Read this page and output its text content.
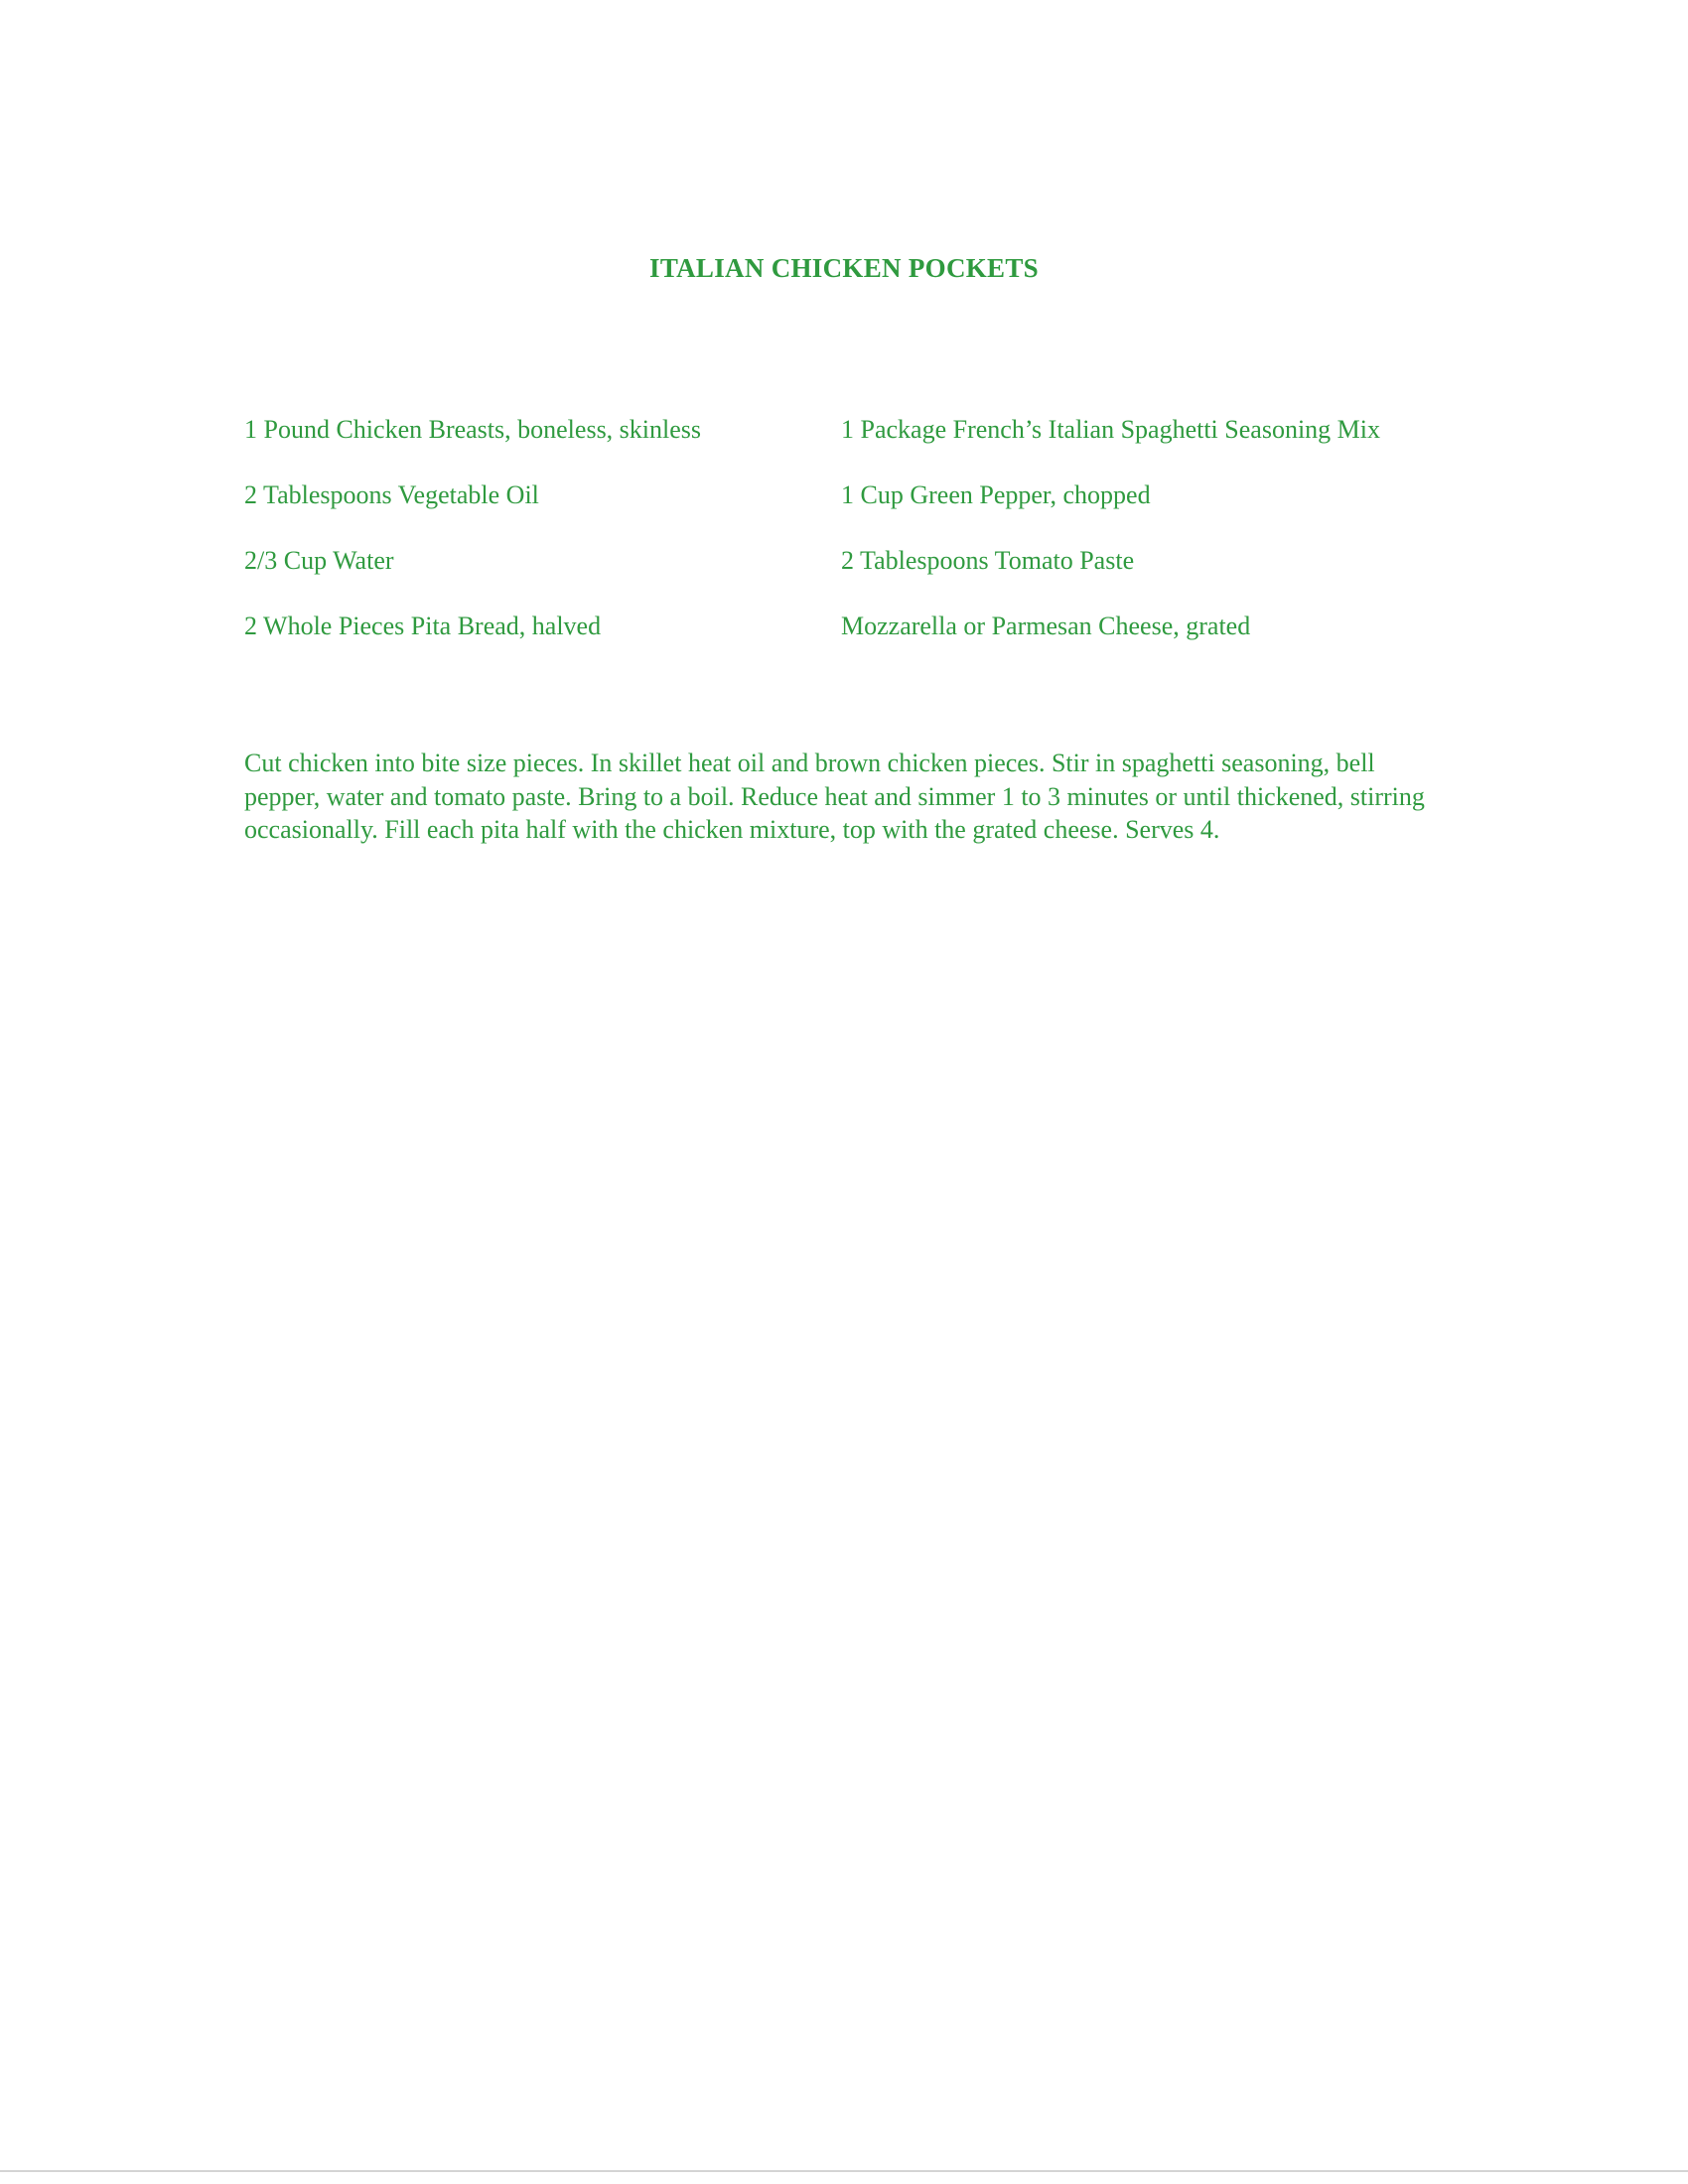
ITALIAN CHICKEN POCKETS
1 Pound Chicken Breasts, boneless, skinless
2 Tablespoons Vegetable Oil
2/3 Cup Water
2 Whole Pieces Pita Bread, halved
1 Package French’s Italian Spaghetti Seasoning Mix
1 Cup Green Pepper, chopped
2 Tablespoons Tomato Paste
Mozzarella or Parmesan Cheese, grated

Cut chicken into bite size pieces. In skillet heat oil and brown chicken pieces. Stir in spaghetti seasoning, bell pepper, water and tomato paste. Bring to a boil. Reduce heat and simmer 1 to 3 minutes or until thickened, stirring occasionally. Fill each pita half with the chicken mixture, top with the grated cheese. Serves 4.
